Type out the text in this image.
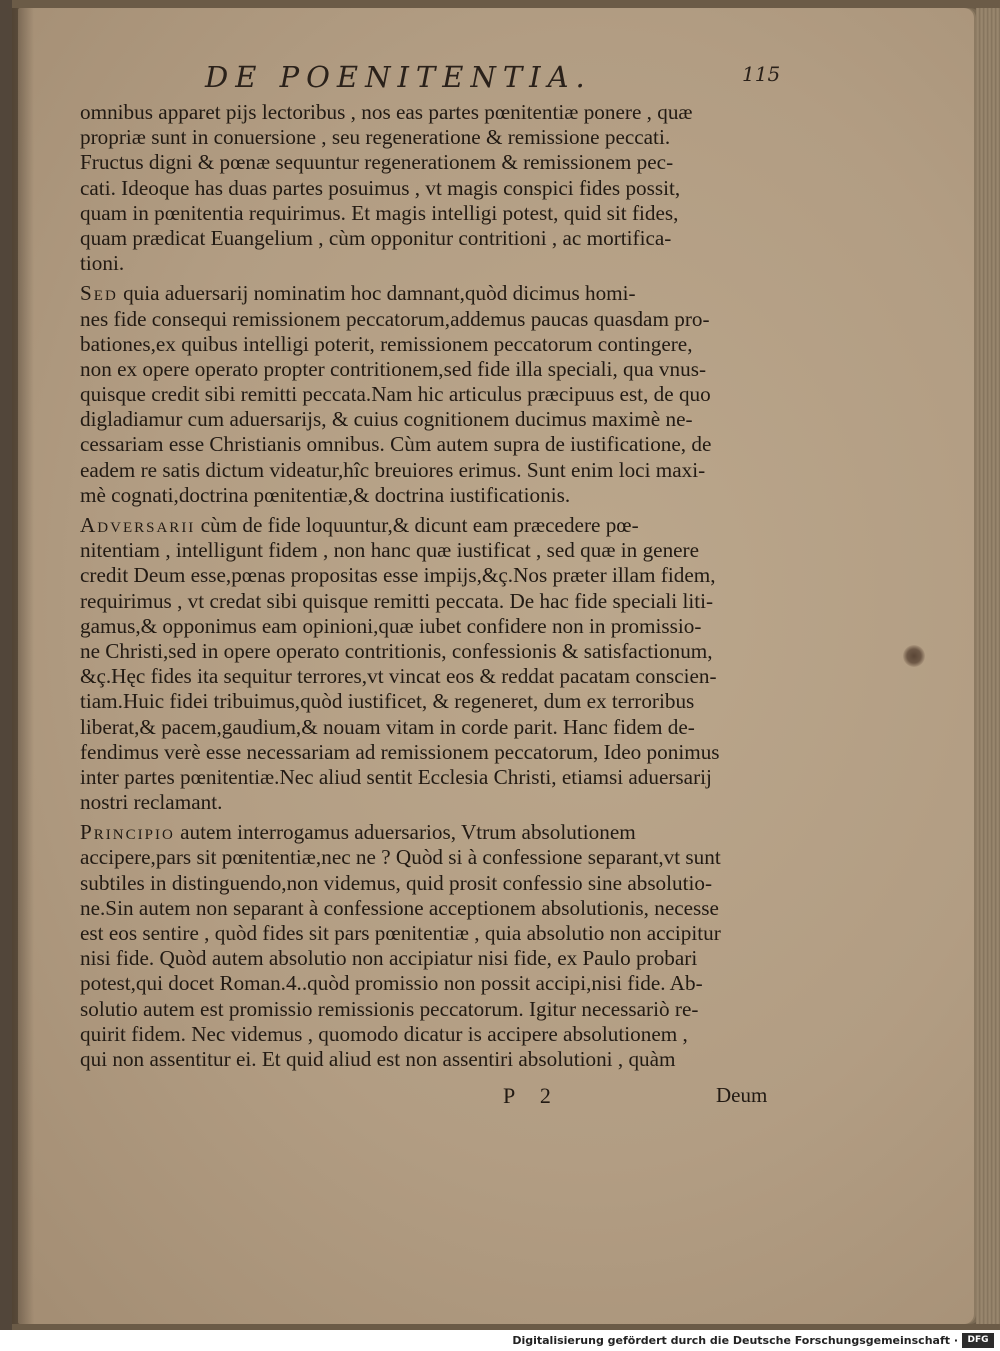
DE POENITENTIA.	115
omnibus apparet pijs lectoribus , nos eas partes pœnitentiæ ponere , quæ
propriæ sunt in conuersione , seu regeneratione & remissione peccati.
Fructus digni & pœnæ sequuntur regenerationem & remissionem pec-
cati. Ideoque has duas partes posuimus , vt magis conspici fides possit,
quam in pœnitentia requirimus. Et magis intelligi potest, quid sit fides,
quam prædicat Euangelium , cùm opponitur contritioni , ac mortifica-
tioni.
Sed quia aduersarij nominatim hoc damnant,quòd dicimus homi-
nes fide consequi remissionem peccatorum,addemus paucas quasdam pro-
bationes,ex quibus intelligi poterit, remissionem peccatorum contingere,
non ex opere operato propter contritionem,sed fide illa speciali, qua vnus-
quisque credit sibi remitti peccata.Nam hic articulus præcipuus est, de quo
digladiamur cum aduersarijs, & cuius cognitionem ducimus maximè ne-
cessariam esse Christianis omnibus. Cùm autem supra de iustificatione, de
eadem re satis dictum videatur,hîc breuiores erimus. Sunt enim loci maxi-
mè cognati,doctrina pœnitentiæ,& doctrina iustificationis.
Adversarii cùm de fide loquuntur,& dicunt eam præcedere pœ-
nitentiam , intelligunt fidem , non hanc quæ iustificat , sed quæ in genere
credit Deum esse,pœnas propositas esse impijs,&ç.Nos præter illam fidem,
requirimus , vt credat sibi quisque remitti peccata. De hac fide speciali liti-
gamus,& opponimus eam opinioni,quæ iubet confidere non in promissio-
ne Christi,sed in opere operato contritionis, confessionis & satisfactionum,
&ç.Hęc fides ita sequitur terrores,vt vincat eos & reddat pacatam conscien-
tiam.Huic fidei tribuimus,quòd iustificet, & regeneret, dum ex terroribus
liberat,& pacem,gaudium,& nouam vitam in corde parit. Hanc fidem de-
fendimus verè esse necessariam ad remissionem peccatorum, Ideo ponimus
inter partes pœnitentiæ.Nec aliud sentit Ecclesia Christi, etiamsi aduersarij
nostri reclamant.
Principio autem interrogamus aduersarios, Vtrum absolutionem
accipere,pars sit pœnitentiæ,nec ne ? Quòd si à confessione separant,vt sunt
subtiles in distinguendo,non videmus, quid prosit confessio sine absolutio-
ne.Sin autem non separant à confessione acceptionem absolutionis, necesse
est eos sentire , quòd fides sit pars pœnitentiæ , quia absolutio non accipitur
nisi fide. Quòd autem absolutio non accipiatur nisi fide, ex Paulo probari
potest,qui docet Roman.4..quòd promissio non possit accipi,nisi fide. Ab-
solutio autem est promissio remissionis peccatorum. Igitur necessariò re-
quirit fidem. Nec videmus , quomodo dicatur is accipere absolutionem ,
qui non assentitur ei. Et quid aliud est non assentiri absolutioni , quàm
P 2	Deum
Digitalisierung gefördert durch die Deutsche Forschungsgemeinschaft ·	DFG
